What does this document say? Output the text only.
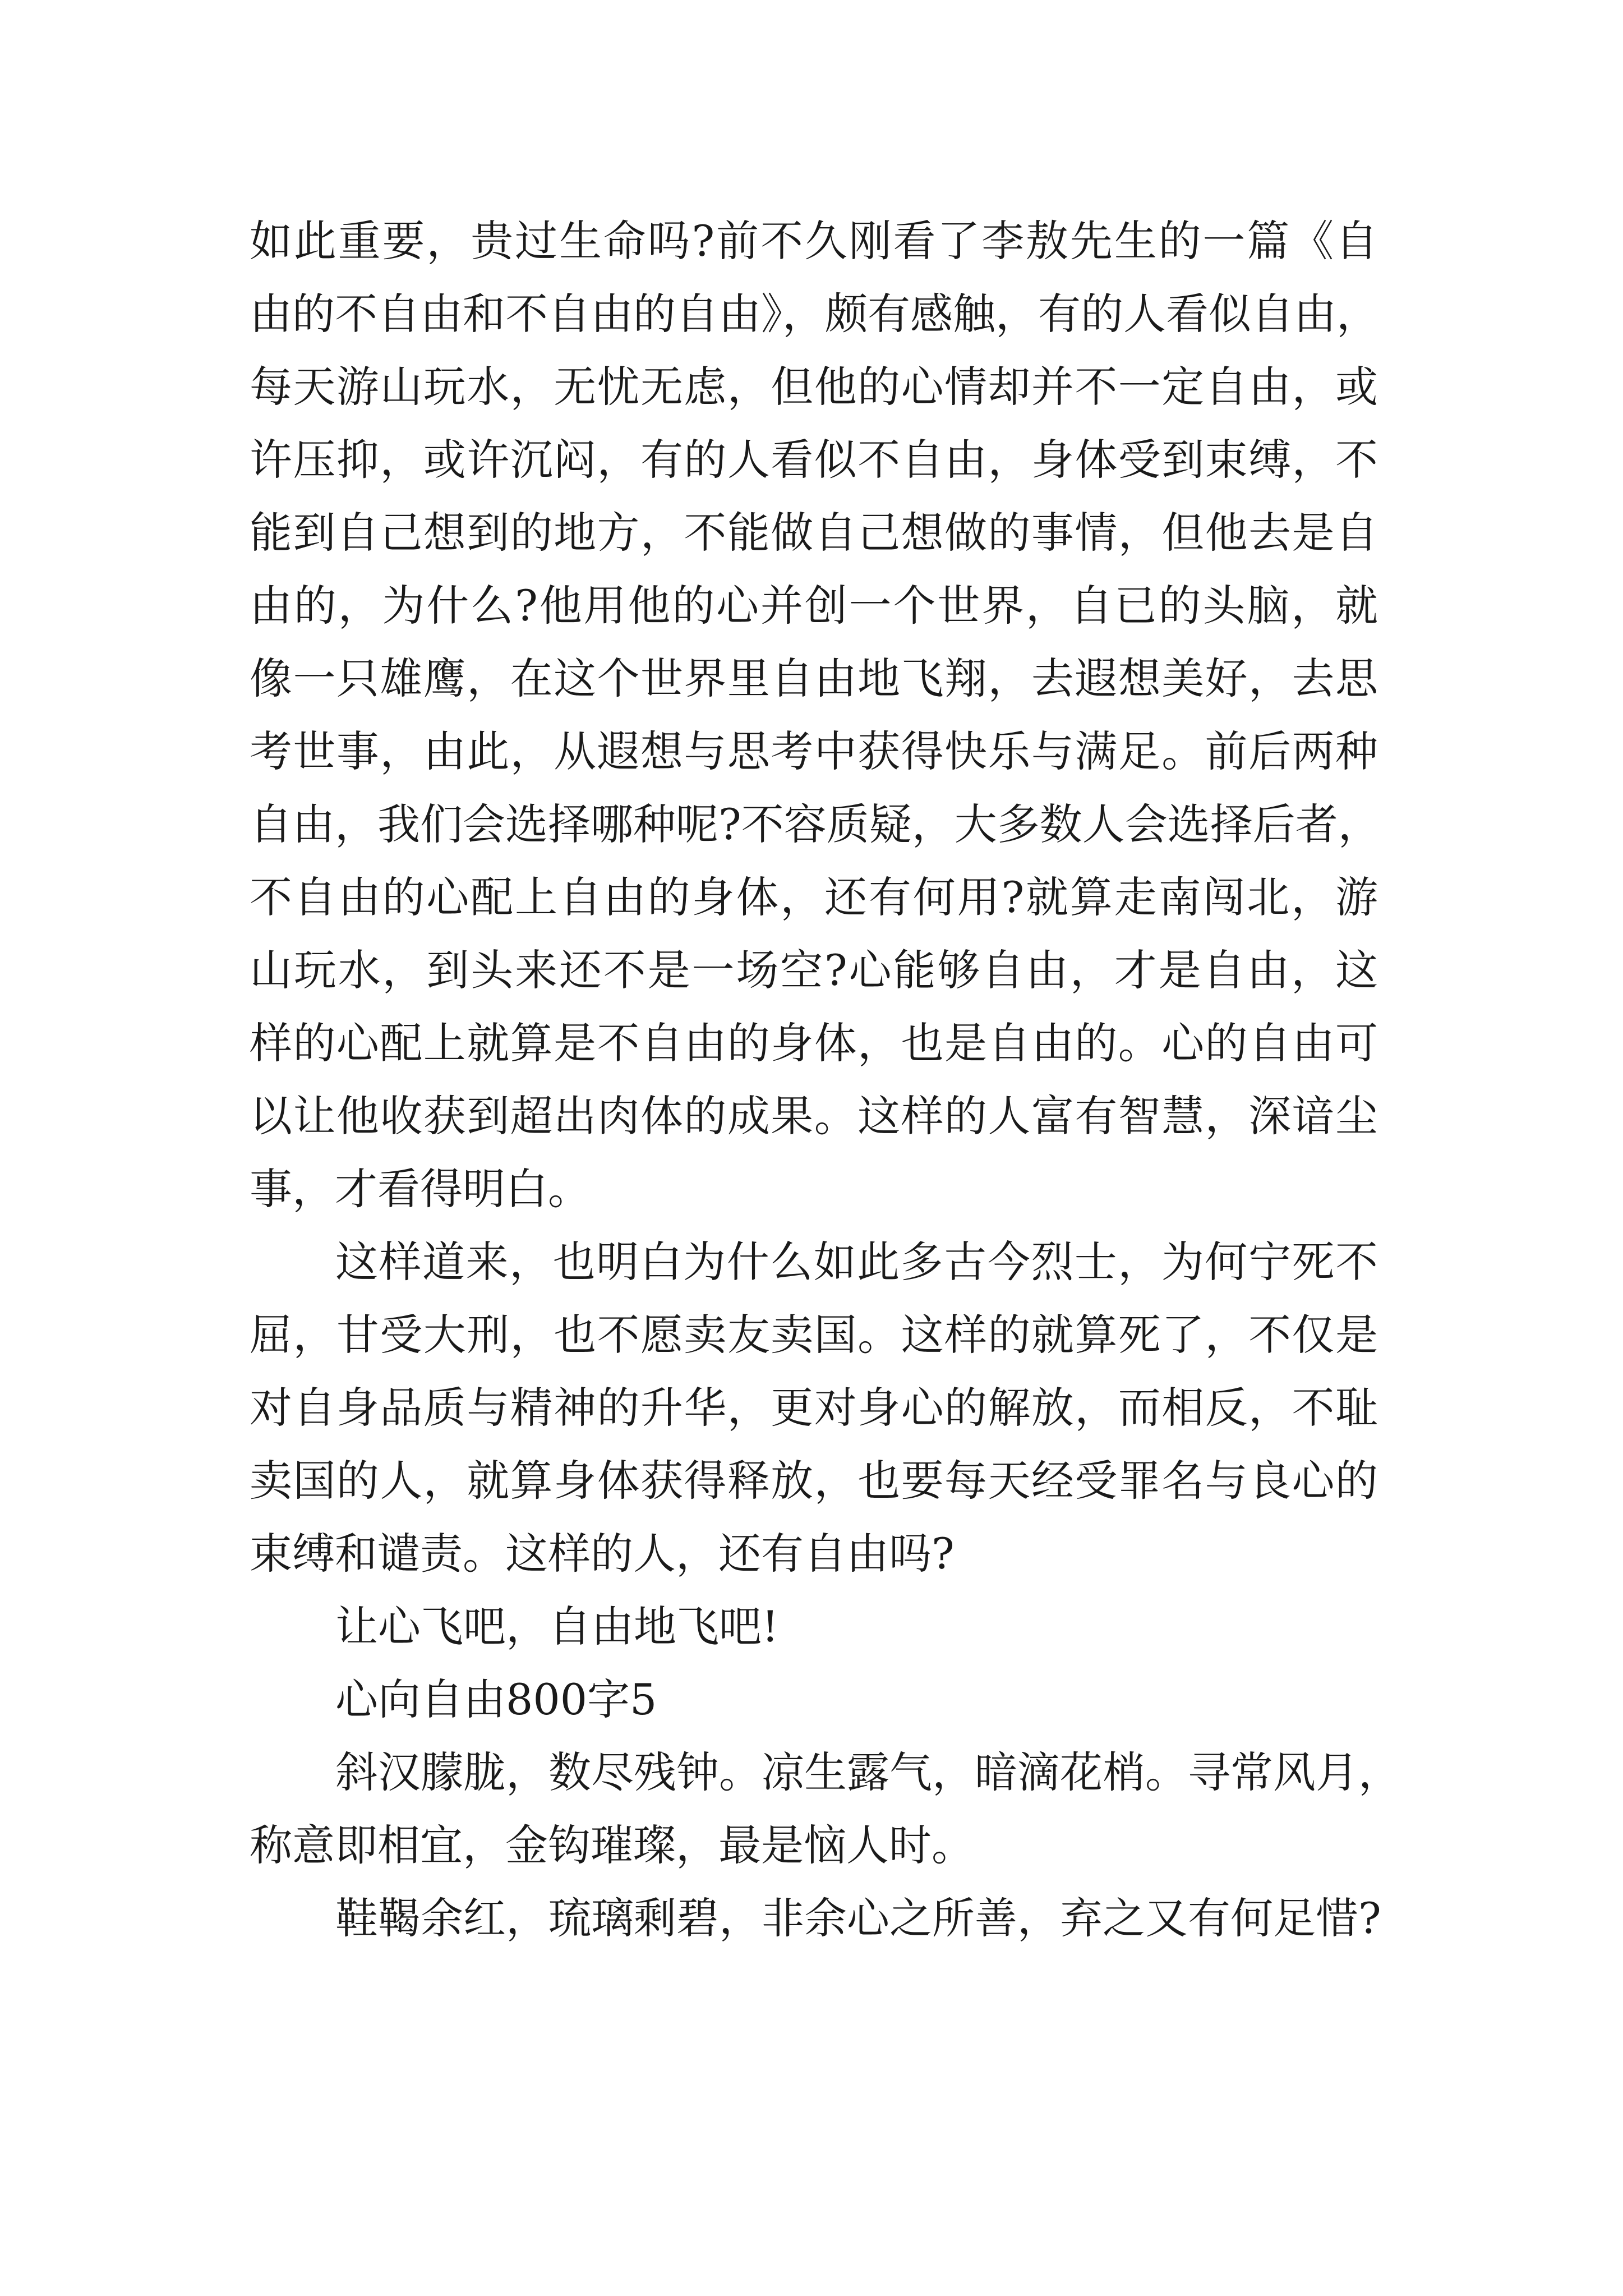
如此重要，贵过生命吗?前不久刚看了李敖先生的一篇《自
由的不自由和不自由的自由》，颇有感触，有的人看似自由，
每天游山玩水，无忧无虑，但他的心情却并不一定自由，或
许压抑，或许沉闷，有的人看似不自由，身体受到束缚，不
能到自己想到的地方，不能做自己想做的事情，但他去是自
由的，为什么?他用他的心并创一个世界，自已的头脑，就
像一只雄鹰，在这个世界里自由地飞翔，去遐想美好，去思
考世事，由此，从遐想与思考中获得快乐与满足。前后两种
自由，我们会选择哪种呢?不容质疑，大多数人会选择后者，
不自由的心配上自由的身体，还有何用?就算走南闯北，游
山玩水，到头来还不是一场空?心能够自由，才是自由，这
样的心配上就算是不自由的身体，也是自由的。心的自由可
以让他收获到超出肉体的成果。这样的人富有智慧，深谙尘
事，才看得明白。
这样道来，也明白为什么如此多古今烈士，为何宁死不
屈，甘受大刑，也不愿卖友卖国。这样的就算死了，不仅是
对自身品质与精神的升华，更对身心的解放，而相反，不耻
卖国的人，就算身体获得释放，也要每天经受罪名与良心的
束缚和谴责。这样的人，还有自由吗?
让心飞吧，自由地飞吧!
心向自由800字5
斜汉朦胧，数尽残钟。凉生露气，暗滴花梢。寻常风月，
称意即相宜，金钩璀璨，最是恼人时。
鞋鞨余红，琉璃剩碧，非余心之所善，弃之又有何足惜?
